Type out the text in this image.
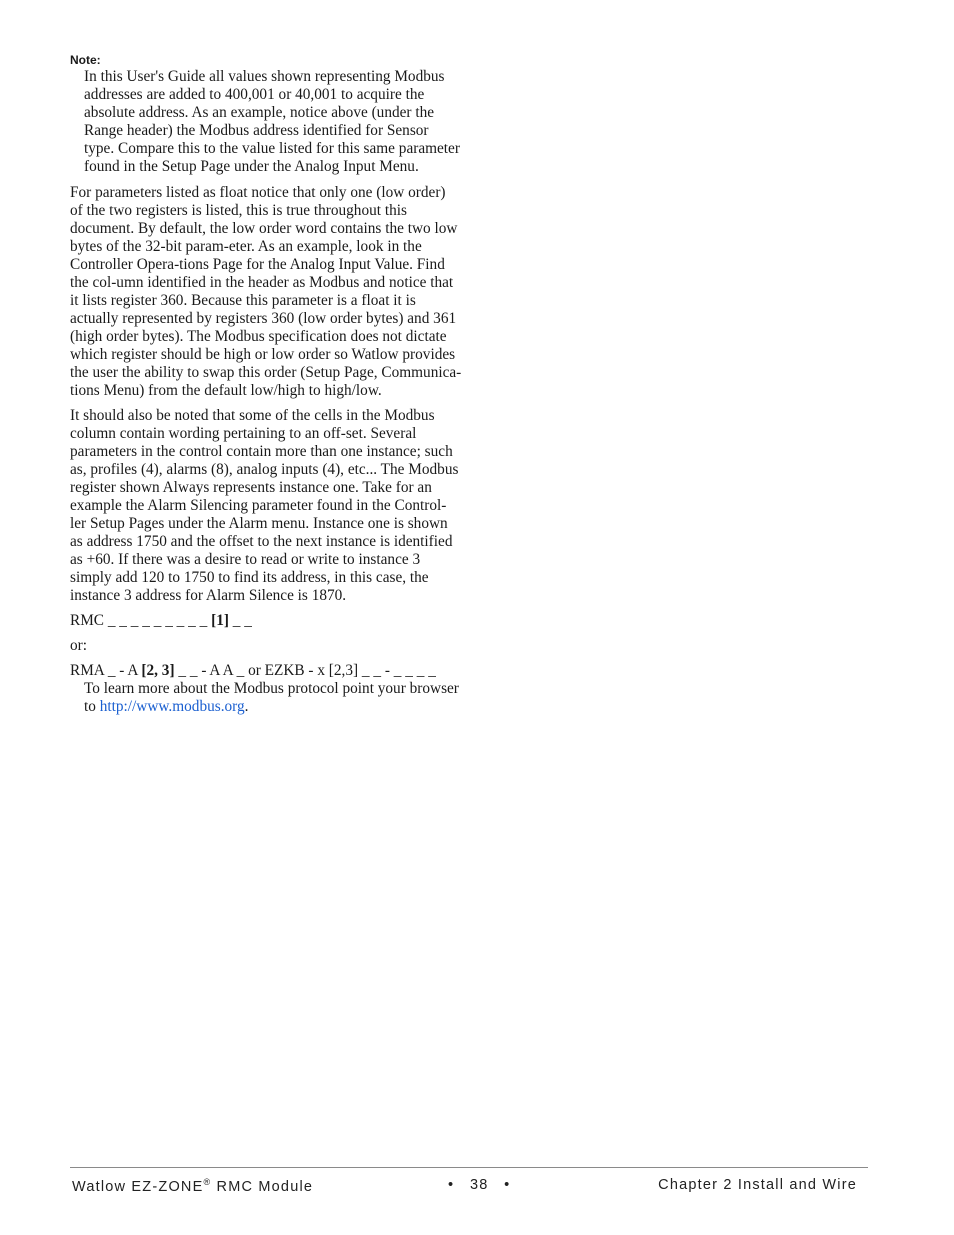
Note:
In this User's Guide all values shown representing Modbus addresses are added to 400,001 or 40,001 to acquire the absolute address. As an example, notice above (under the Range header) the Modbus address identified for Sensor type. Compare this to the value listed for this same parameter found in the Setup Page under the Analog Input Menu.

For parameters listed as float notice that only one (low order) of the two registers is listed, this is true throughout this document. By default, the low order word contains the two low bytes of the 32-bit param-eter. As an example, look in the Controller Opera-tions Page for the Analog Input Value. Find the col-umn identified in the header as Modbus and notice that it lists register 360. Because this parameter is a float it is actually represented by registers 360 (low order bytes) and 361 (high order bytes). The Modbus specification does not dictate which register should be high or low order so Watlow provides the user the ability to swap this order (Setup Page, Communica-tions Menu) from the default low/high to high/low.

It should also be noted that some of the cells in the Modbus column contain wording pertaining to an off-set. Several parameters in the control contain more than one instance; such as, profiles (4), alarms (8), analog inputs (4), etc... The Modbus register shown Always represents instance one. Take for an example the Alarm Silencing parameter found in the Control-ler Setup Pages under the Alarm menu. Instance one is shown as address 1750 and the offset to the next instance is identified as +60. If there was a desire to read or write to instance 3 simply add 120 to 1750 to find its address, in this case, the instance 3 address for Alarm Silence is 1870.

RMC _ _ _ _ _ _ _ _ _ [1] _ _

or:

RMA _ - A [2, 3] _ _ - A A _ or EZKB - x [2,3] _ _ - _ _ _ _

To learn more about the Modbus protocol point your browser to http://www.modbus.org.

Watlow EZ-ZONE® RMC Module	•   38   •	Chapter 2 Install and Wire
